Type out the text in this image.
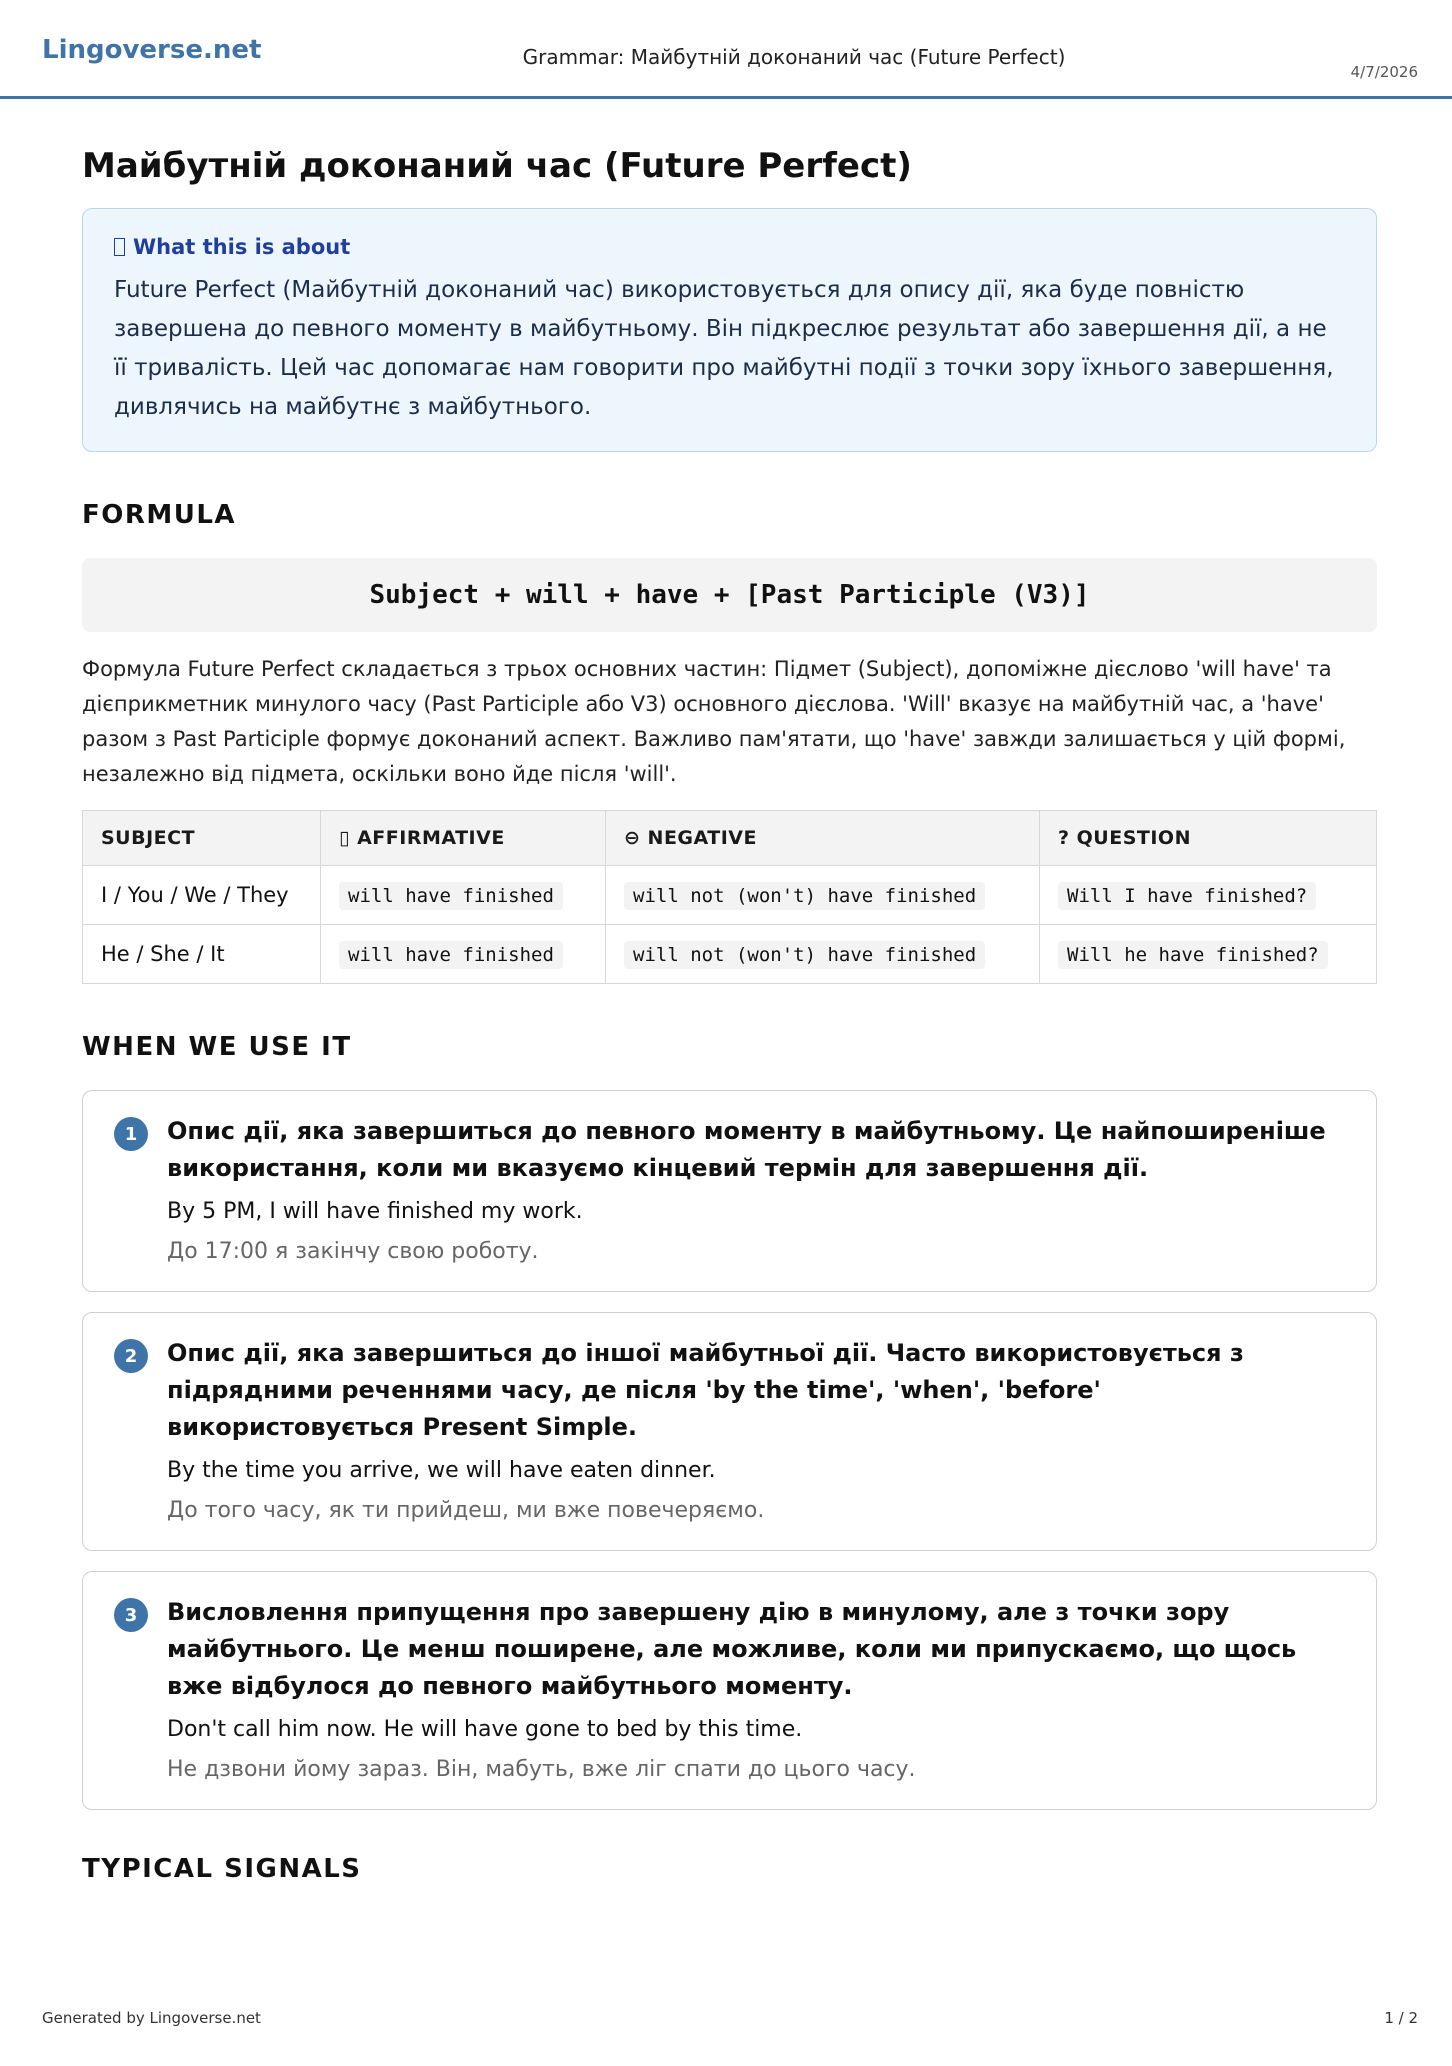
Lingoverse.net	Grammar: Майбутній доконаний час (Future Perfect)
4/7/2026
Майбутній доконаний час (Future Perfect)
What this is about
Future Perfect (Майбутній доконаний час) використовується для опису дії, яка буде повністю завершена до певного моменту в майбутньому. Він підкреслює результат або завершення дії, а не її тривалість. Цей час допомагає нам говорити про майбутні події з точки зору їхнього завершення, дивлячись на майбутнє з майбутнього.
FORMULA
Subject + will + have + [Past Participle (V3)]
Формула Future Perfect складається з трьох основних частин: Підмет (Subject), допоміжне дієслово 'will have' та дієприкметник минулого часу (Past Participle або V3) основного дієслова. 'Will' вказує на майбутній час, а 'have' разом з Past Participle формує доконаний аспект. Важливо пам'ятати, що 'have' завжди залишається у цій формі, незалежно від підмета, оскільки воно йде після 'will'.
SUBJECT	▯ AFFIRMATIVE	⊖ NEGATIVE	? QUESTION
I / You / We / They	will have finished	will not (won't) have finished	Will I have finished?
He / She / It	will have finished	will not (won't) have finished	Will he have finished?
WHEN WE USE IT
1	Опис дії, яка завершиться до певного моменту в майбутньому. Це найпоширеніше використання, коли ми вказуємо кінцевий термін для завершення дії.
By 5 PM, I will have finished my work.
До 17:00 я закінчу свою роботу.
2	Опис дії, яка завершиться до іншої майбутньої дії. Часто використовується з підрядними реченнями часу, де після 'by the time', 'when', 'before' використовується Present Simple.
By the time you arrive, we will have eaten dinner.
До того часу, як ти прийдеш, ми вже повечеряємо.
3	Висловлення припущення про завершену дію в минулому, але з точки зору майбутнього. Це менш поширене, але можливе, коли ми припускаємо, що щось вже відбулося до певного майбутнього моменту.
Don't call him now. He will have gone to bed by this time.
Не дзвони йому зараз. Він, мабуть, вже ліг спати до цього часу.
TYPICAL SIGNALS
Generated by Lingoverse.net	1 / 2
